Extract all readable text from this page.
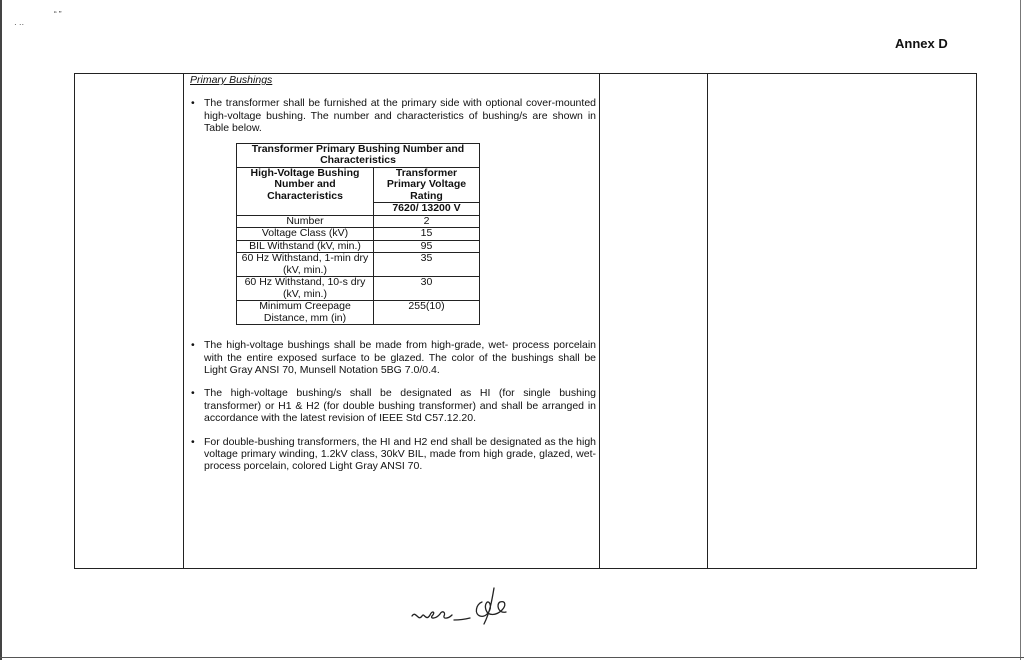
· ··
“ ”
Annex D
Primary Bushings
• The transformer shall be furnished at the primary side with optional cover-mounted high-voltage bushing. The number and characteristics of bushing/s are shown in Table below.
Transformer Primary Bushing Number and Characteristics	
High-Voltage Bushing Number and Characteristics	Transformer Primary Voltage Rating
	7620/ 13200 V
Number	2
Voltage Class (kV)	15
BIL Withstand (kV, min.)	95
60 Hz Withstand, 1-min dry (kV, min.)	35
60 Hz Withstand, 10-s dry (kV, min.)	30
Minimum Creepage Distance, mm (in)	255(10)
• The high-voltage bushings shall be made from high-grade, wet- process porcelain with the entire exposed surface to be glazed. The color of the bushings shall be Light Gray ANSI 70, Munsell Notation 5BG 7.0/0.4.
• The high-voltage bushing/s shall be designated as HI (for single bushing transformer) or H1 & H2 (for double bushing transformer) and shall be arranged in accordance with the latest revision of IEEE Std C57.12.20.
• For double-bushing transformers, the HI and H2 end shall be designated as the high voltage primary winding, 1.2kV class, 30kV BIL, made from high grade, glazed, wet-process porcelain, colored Light Gray ANSI 70.
